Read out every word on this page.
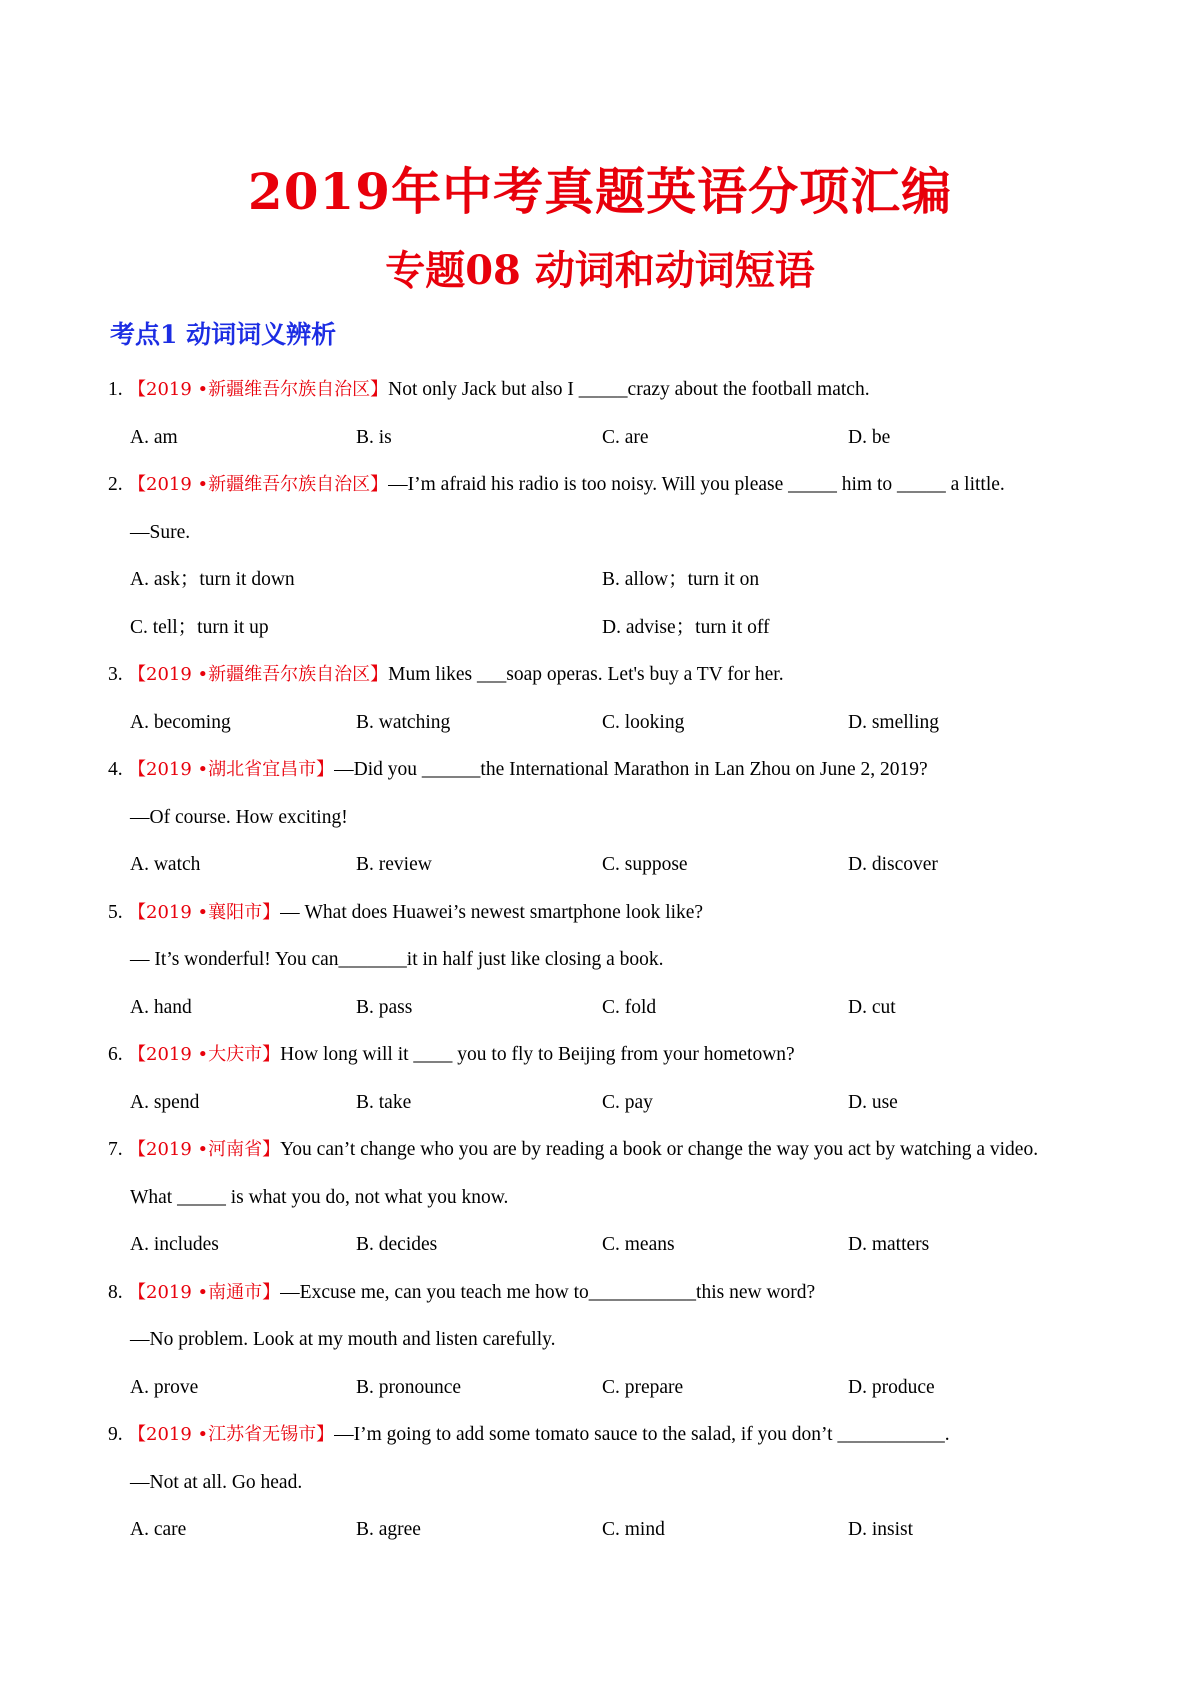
2019年中考真题英语分项汇编
专题08 动词和动词短语
考点1 动词词义辨析
1. 【2019 •新疆维吾尔族自治区】Not only Jack but also I _____crazy about the football match.
A. am	B. is	C. are	D. be
2. 【2019 •新疆维吾尔族自治区】—I’m afraid his radio is too noisy. Will you please _____ him to _____ a little.
—Sure.
A. ask；turn it down	B. allow；turn it on
C. tell；turn it up	D. advise；turn it off
3. 【2019 •新疆维吾尔族自治区】Mum likes ___soap operas. Let's buy a TV for her.
A. becoming	B. watching	C. looking	D. smelling
4. 【2019 •湖北省宜昌市】—Did you ______the International Marathon in Lan Zhou on June 2, 2019?
—Of course. How exciting!
A. watch	B. review	C. suppose	D. discover
5. 【2019 •襄阳市】— What does Huawei’s newest smartphone look like?
— It’s wonderful! You can_______it in half just like closing a book.
A. hand	B. pass	C. fold	D. cut
6. 【2019 •大庆市】How long will it ____ you to fly to Beijing from your hometown?
A. spend	B. take	C. pay	D. use
7. 【2019 •河南省】You can’t change who you are by reading a book or change the way you act by watching a video.
What _____ is what you do, not what you know.
A. includes	B. decides	C. means	D. matters
8. 【2019 •南通市】—Excuse me, can you teach me how to___________this new word?
—No problem. Look at my mouth and listen carefully.
A. prove	B. pronounce	C. prepare	D. produce
9. 【2019 •江苏省无锡市】—I’m going to add some tomato sauce to the salad, if you don’t ___________.
—Not at all. Go head.
A. care	B. agree	C. mind	D. insist
